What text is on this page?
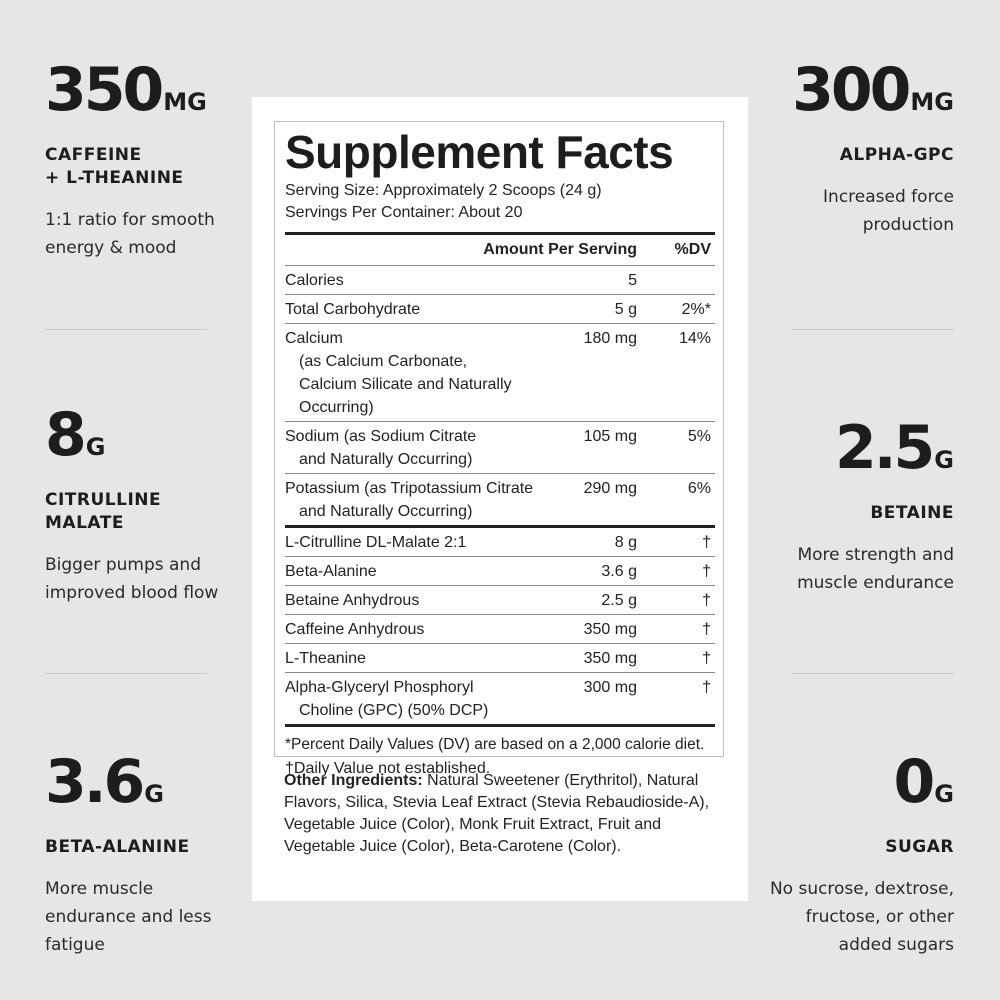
350MG
CAFFEINE
+ L-THEANINE
1:1 ratio for smooth
energy & mood
8G
CITRULLINE
MALATE
Bigger pumps and
improved blood flow
3.6G
BETA-ALANINE
More muscle
endurance and less
fatigue
300MG
ALPHA-GPC
Increased force
production
2.5G
BETAINE
More strength and
muscle endurance
0G
SUGAR
No sucrose, dextrose,
fructose, or other
added sugars
Supplement Facts
Serving Size: Approximately 2 Scoops (24 g)
Servings Per Container: About 20
Amount Per Serving	%DV
Calories	5
Total Carbohydrate	5 g	2%*
Calcium
(as Calcium Carbonate, Calcium Silicate and Naturally Occurring)
180 mg	14%
Sodium (as Sodium Citrate
and Naturally Occurring)
105 mg	5%
Potassium (as Tripotassium Citrate
and Naturally Occurring)
290 mg	6%
L-Citrulline DL-Malate 2:1	8 g	†
Beta-Alanine	3.6 g	†
Betaine Anhydrous	2.5 g	†
Caffeine Anhydrous	350 mg	†
L-Theanine	350 mg	†
Alpha-Glyceryl Phosphoryl
Choline (GPC) (50% DCP)
300 mg	†
*Percent Daily Values (DV) are based on a 2,000 calorie diet.
†Daily Value not established.
Other Ingredients: Natural Sweetener (Erythritol), Natural Flavors, Silica, Stevia Leaf Extract (Stevia Rebaudioside-A), Vegetable Juice (Color), Monk Fruit Extract, Fruit and Vegetable Juice (Color), Beta-Carotene (Color).
